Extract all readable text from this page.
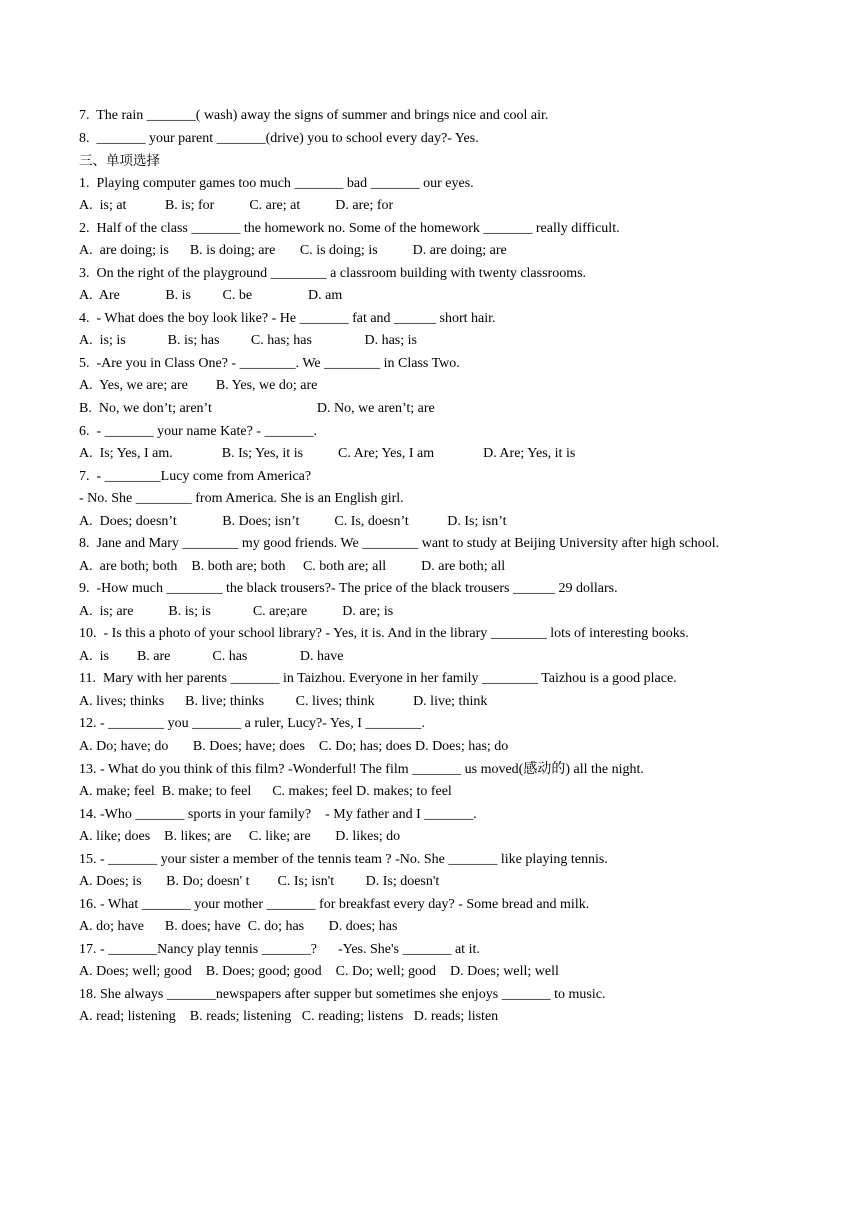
7.  The rain _______( wash) away the signs of summer and brings nice and cool air.
8.  _______ your parent _______(drive) you to school every day?- Yes.
三、单项选择
1.  Playing computer games too much _______ bad _______ our eyes.
A.  is; at           B. is; for          C. are; at          D. are; for
2.  Half of the class _______ the homework no. Some of the homework _______ really difficult.
A.  are doing; is      B. is doing; are       C. is doing; is          D. are doing; are
3.  On the right of the playground ________ a classroom building with twenty classrooms.
A.  Are             B. is         C. be                D. am
4.  - What does the boy look like? - He _______ fat and ______ short hair.
A.  is; is            B. is; has         C. has; has               D. has; is
5.  -Are you in Class One? - ________. We ________ in Class Two.
A.  Yes, we are; are        B. Yes, we do; are
B.  No, we don’t; aren’t                              D. No, we aren’t; are
6.  - _______ your name Kate? - _______.
A.  Is; Yes, I am.              B. Is; Yes, it is          C. Are; Yes, I am              D. Are; Yes, it is
7.  - ________Lucy come from America?
- No. She ________ from America. She is an English girl.
A.  Does; doesn’t             B. Does; isn’t          C. Is, doesn’t           D. Is; isn’t
8.  Jane and Mary ________ my good friends. We ________ want to study at Beijing University after high school.
A.  are both; both    B. both are; both     C. both are; all          D. are both; all
9.  -How much ________ the black trousers?- The price of the black trousers ______ 29 dollars.
A.  is; are          B. is; is            C. are;are          D. are; is
10.  - Is this a photo of your school library? - Yes, it is. And in the library ________ lots of interesting books.
A.  is        B. are            C. has               D. have
11.  Mary with her parents _______ in Taizhou. Everyone in her family ________ Taizhou is a good place.
A. lives; thinks      B. live; thinks         C. lives; think           D. live; think
12. - ________ you _______ a ruler, Lucy?- Yes, I ________.
A. Do; have; do       B. Does; have; does    C. Do; has; does D. Does; has; do
13. - What do you think of this film? -Wonderful! The film _______ us moved(感动的) all the night.
A. make; feel  B. make; to feel      C. makes; feel D. makes; to feel
14. -Who _______ sports in your family?    - My father and I _______.
A. like; does    B. likes; are     C. like; are       D. likes; do
15. - _______ your sister a member of the tennis team ? -No. She _______ like playing tennis.
A. Does; is       B. Do; doesn' t        C. Is; isn't         D. Is; doesn't
16. - What _______ your mother _______ for breakfast every day? - Some bread and milk.
A. do; have      B. does; have  C. do; has       D. does; has
17. - _______Nancy play tennis _______?      -Yes. She's _______ at it.
A. Does; well; good    B. Does; good; good    C. Do; well; good    D. Does; well; well
18. She always _______newspapers after supper but sometimes she enjoys _______ to music.
A. read; listening    B. reads; listening   C. reading; listens   D. reads; listen
